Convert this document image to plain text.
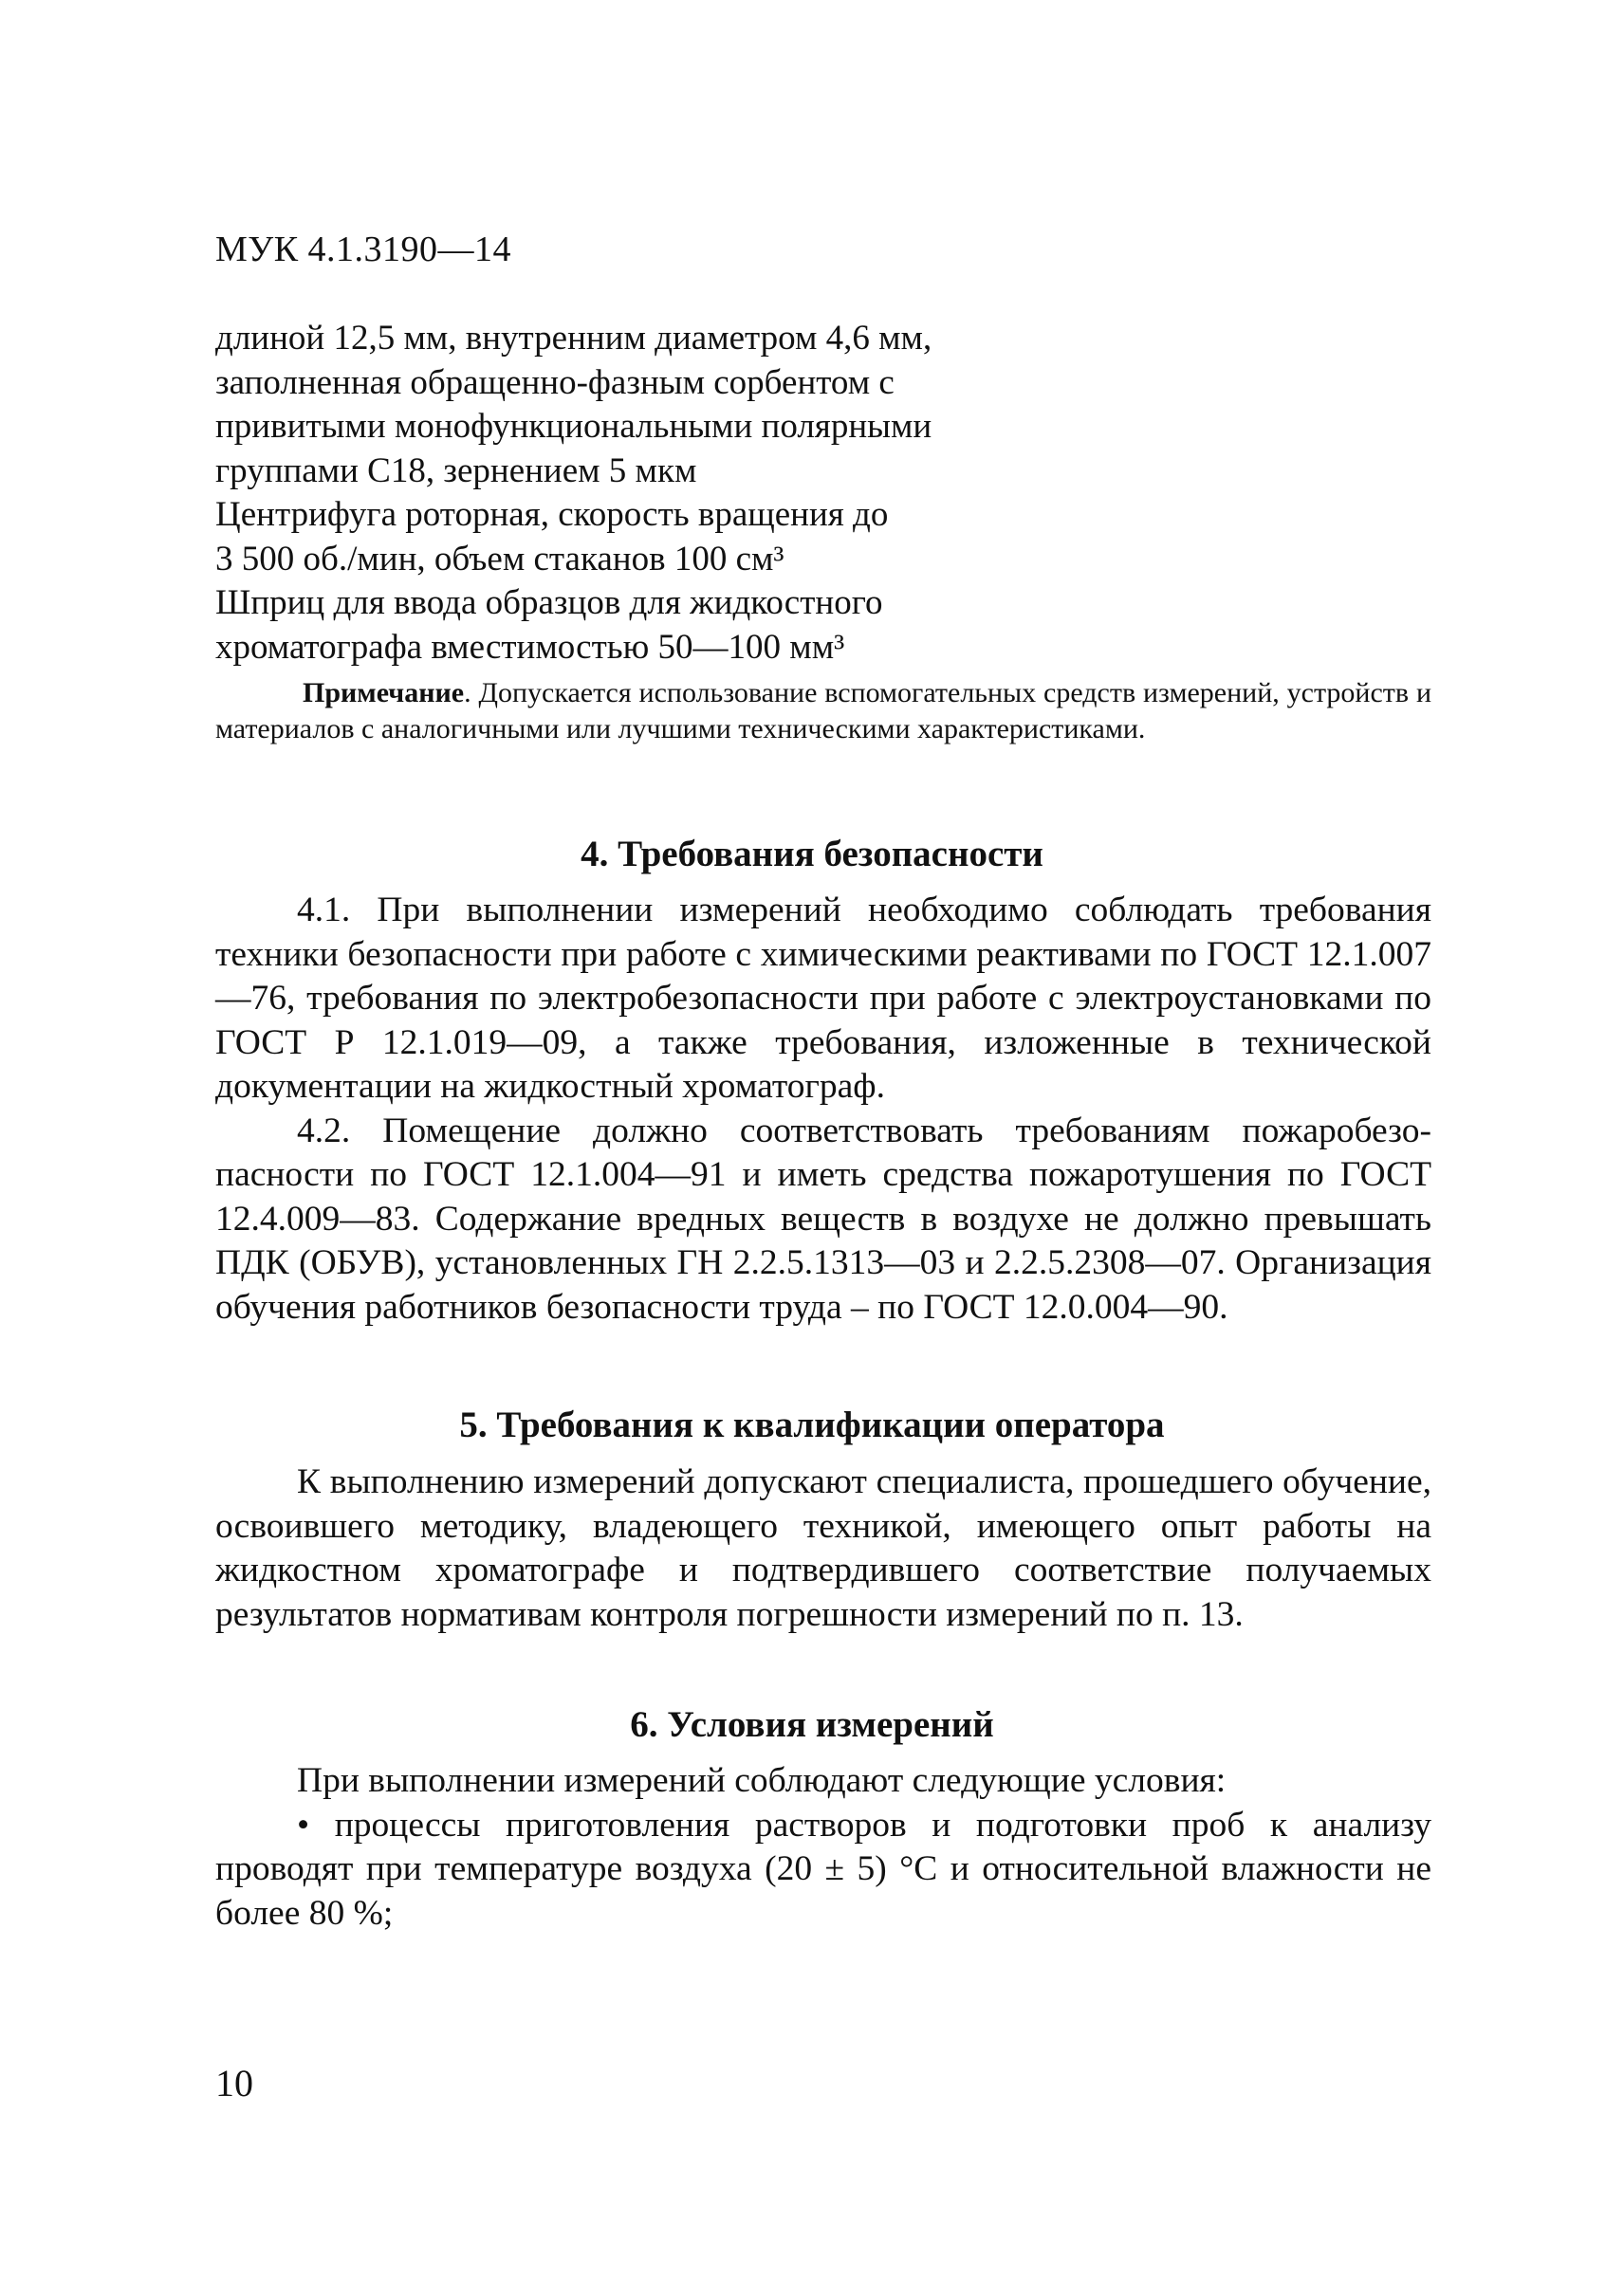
МУК 4.1.3190—14
длиной 12,5 мм, внутренним диаметром 4,6 мм,
заполненная обращенно-фазным сорбентом с
привитыми монофункциональными полярными
группами С18, зернением 5 мкм
Центрифуга роторная, скорость вращения до
3 500 об./мин, объем стаканов 100 см³
Шприц для ввода образцов для жидкостного
хроматографа вместимостью 50—100 мм³
Примечание. Допускается использование вспомогательных средств измерений, устройств и материалов с аналогичными или лучшими техническими характеристиками.
4. Требования безопасности

4.1. При выполнении измерений необходимо соблюдать требования техники безопасности при работе с химическими реактивами по ГОСТ 12.1.007—76, требования по электробезопасности при работе с электроустановками по ГОСТ Р 12.1.019—09, а также требования, изложенные в технической документации на жидкостный хроматограф.

4.2. Помещение должно соответствовать требованиям пожаробезопасности по ГОСТ 12.1.004—91 и иметь средства пожаротушения по ГОСТ 12.4.009—83. Содержание вредных веществ в воздухе не должно превышать ПДК (ОБУВ), установленных ГН 2.2.5.1313—03 и 2.2.5.2308—07. Организация обучения работников безопасности труда – по ГОСТ 12.0.004—90.

5. Требования к квалификации оператора

К выполнению измерений допускают специалиста, прошедшего обучение, освоившего методику, владеющего техникой, имеющего опыт работы на жидкостном хроматографе и подтвердившего соответствие получаемых результатов нормативам контроля погрешности измерений по п. 13.

6. Условия измерений

При выполнении измерений соблюдают следующие условия:

• процессы приготовления растворов и подготовки проб к анализу проводят при температуре воздуха (20 ± 5) °С и относительной влажности не более 80 %;

10
